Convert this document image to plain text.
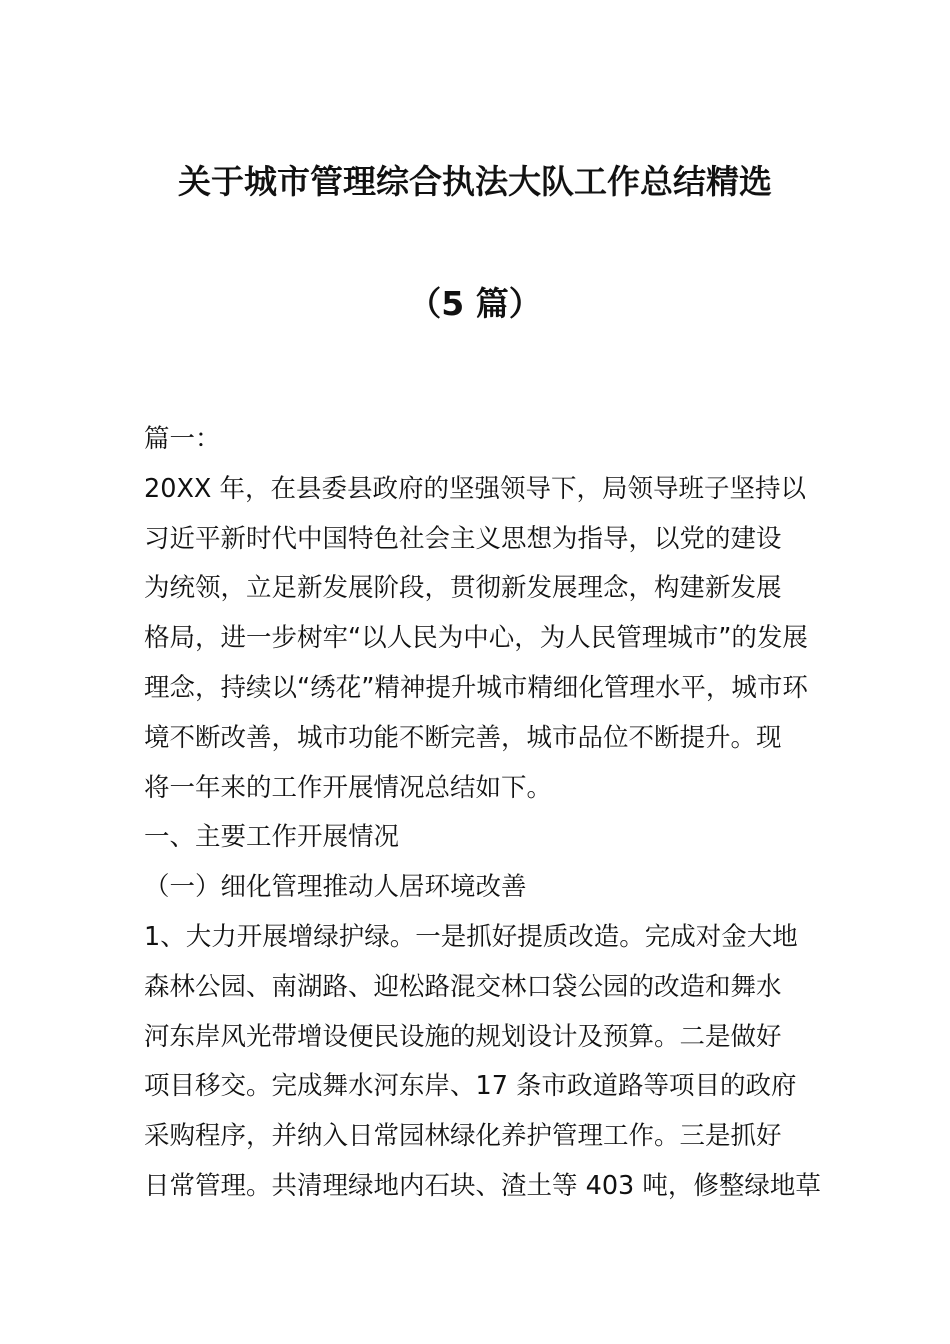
关于城市管理综合执法大队工作总结精选
（5 篇）
篇一：
20XX 年，在县委县政府的坚强领导下，局领导班子坚持以
习近平新时代中国特色社会主义思想为指导，以党的建设
为统领，立足新发展阶段，贯彻新发展理念，构建新发展
格局，进一步树牢“以人民为中心，为人民管理城市”的发展
理念，持续以“绣花”精神提升城市精细化管理水平，城市环
境不断改善，城市功能不断完善，城市品位不断提升。现
将一年来的工作开展情况总结如下。
一、主要工作开展情况
（一）细化管理推动人居环境改善
1、大力开展增绿护绿。一是抓好提质改造。完成对金大地
森林公园、南湖路、迎松路混交林口袋公园的改造和舞水
河东岸风光带增设便民设施的规划设计及预算。二是做好
项目移交。完成舞水河东岸、17 条市政道路等项目的政府
采购程序，并纳入日常园林绿化养护管理工作。三是抓好
日常管理。共清理绿地内石块、渣土等 403 吨，修整绿地草
